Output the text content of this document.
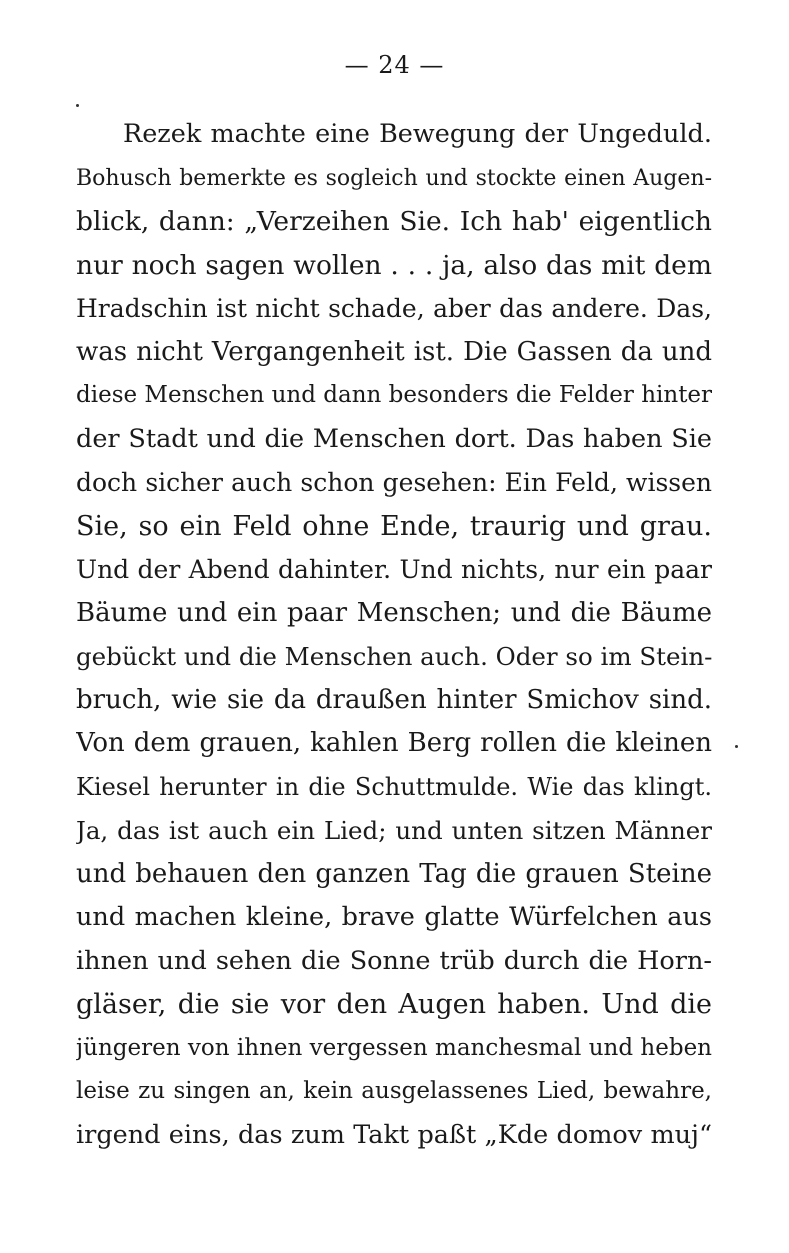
— 24 —
Rezek machte eine Bewegung der Ungeduld.
Bohusch bemerkte es sogleich und stockte einen Augen-
blick, dann: „Verzeihen Sie. Ich hab' eigentlich
nur noch sagen wollen . . . ja, also das mit dem
Hradschin ist nicht schade, aber das andere. Das,
was nicht Vergangenheit ist. Die Gassen da und
diese Menschen und dann besonders die Felder hinter
der Stadt und die Menschen dort. Das haben Sie
doch sicher auch schon gesehen: Ein Feld, wissen
Sie, so ein Feld ohne Ende, traurig und grau.
Und der Abend dahinter. Und nichts, nur ein paar
Bäume und ein paar Menschen; und die Bäume
gebückt und die Menschen auch. Oder so im Stein-
bruch, wie sie da draußen hinter Smichov sind.
Von dem grauen, kahlen Berg rollen die kleinen
Kiesel herunter in die Schuttmulde. Wie das klingt.
Ja, das ist auch ein Lied; und unten sitzen Männer
und behauen den ganzen Tag die grauen Steine
und machen kleine, brave glatte Würfelchen aus
ihnen und sehen die Sonne trüb durch die Horn-
gläser, die sie vor den Augen haben. Und die
jüngeren von ihnen vergessen manchesmal und heben
leise zu singen an, kein ausgelassenes Lied, bewahre,
irgend eins, das zum Takt paßt „Kde domov muj“
